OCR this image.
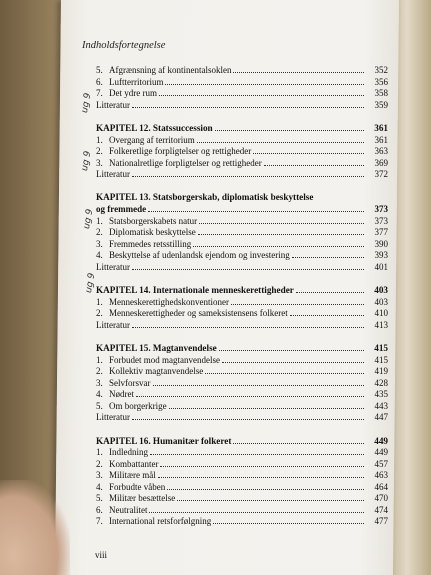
Indholdsfortegnelse
5. Afgrænsning af kontinentalsoklen	352
6. Luftterritorium	356
7. Det ydre rum	358
Litteratur	359
KAPITEL 12. Statssuccession	361
1. Overgang af territorium	361
2. Folkeretlige forpligtelser og rettigheder	363
3. Nationalretlige forpligtelser og rettigheder	369
Litteratur	372
KAPITEL 13. Statsborgerskab, diplomatisk beskyttelse
og fremmede	373
1. Statsborgerskabets natur	373
2. Diplomatisk beskyttelse	377
3. Fremmedes retsstilling	390
4. Beskyttelse af udenlandsk ejendom og investering	393
Litteratur	401
KAPITEL 14. Internationale menneskerettigheder	403
1. Menneskerettighedskonventioner	403
2. Menneskerettigheder og sameksistensens folkeret	410
Litteratur	413
KAPITEL 15. Magtanvendelse	415
1. Forbudet mod magtanvendelse	415
2. Kollektiv magtanvendelse	419
3. Selvforsvar	428
4. Nødret	435
5. Om borgerkrige	443
Litteratur	447
KAPITEL 16. Humanitær folkeret	449
1. Indledning	449
2. Kombattanter	457
3. Militære mål	463
4. Forbudte våben	464
5. Militær besættelse	470
6. Neutralitet	474
7. International retsforfølgning	477
ug 9
ug 9
ug 9
ug 9
viii
